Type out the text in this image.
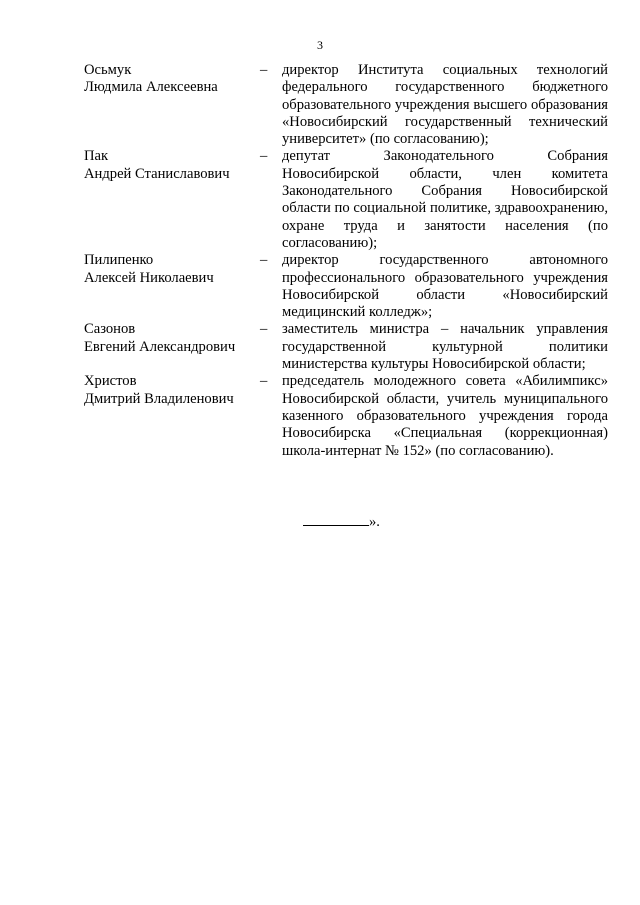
3
Осьмук
Людмила Алексеевна
–	директор Института социальных технологий федерального государственного бюджетного образовательного учреждения высшего образования «Новосибирский государственный технический университет» (по согласованию);
Пак
Андрей Станиславович
–	депутат Законодательного Собрания Новосибирской области, член комитета Законодательного Собрания Новосибирской области по социальной политике, здравоохранению, охране труда и занятости населения (по согласованию);
Пилипенко
Алексей Николаевич
–	директор государственного автономного профессионального образовательного учреждения Новосибирской области «Новосибирский медицинский колледж»;
Сазонов
Евгений Александрович
–	заместитель министра – начальник управления государственной культурной политики министерства культуры Новосибирской области;
Христов
Дмитрий Владиленович
–	председатель молодежного совета «Абилимпикс» Новосибирской области, учитель муниципального казенного образовательного учреждения города Новосибирска «Специальная (коррекционная) школа-интернат № 152» (по согласованию).
».
